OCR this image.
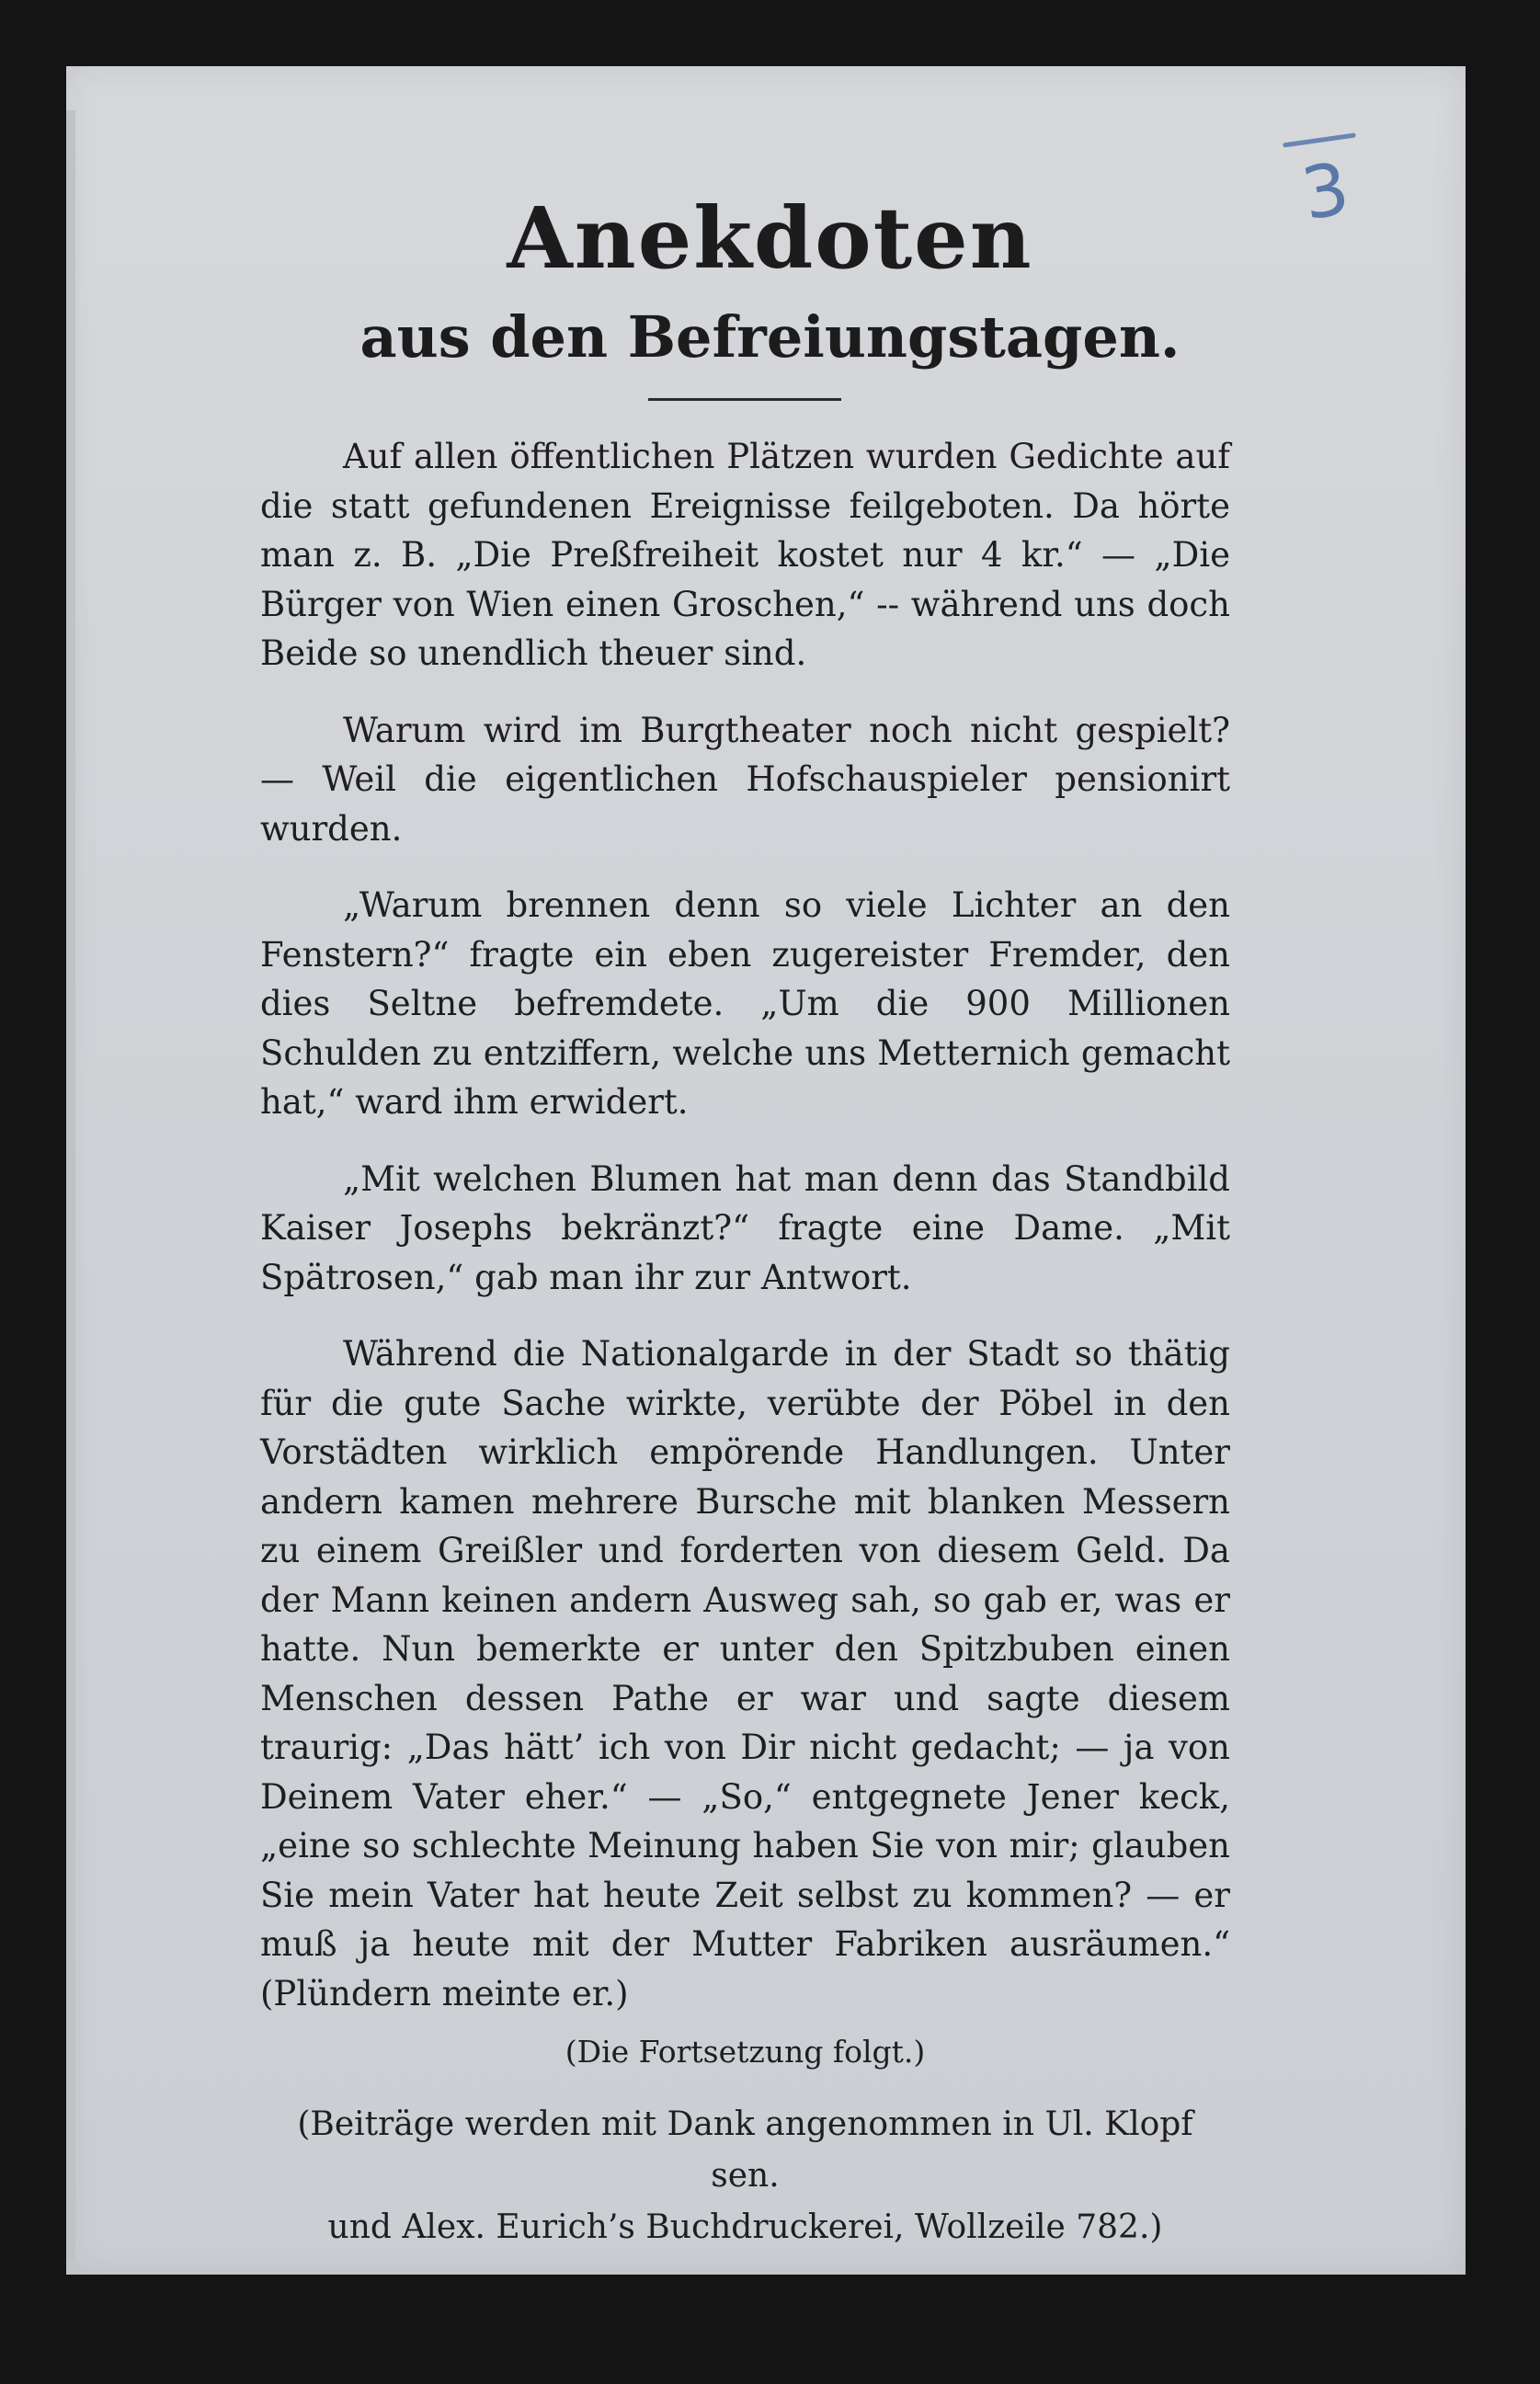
3
Anekdoten
aus den Befreiungstagen.

Auf allen öffentlichen Plätzen wurden Gedichte auf die statt gefundenen Ereignisse feilgeboten. Da hörte man z. B. „Die Preßfreiheit kostet nur 4 kr.“ — „Die Bürger von Wien einen Groschen,“ -- während uns doch Beide so unendlich theuer sind.

Warum wird im Burgtheater noch nicht gespielt? — Weil die eigentlichen Hofschauspieler pensionirt wurden.

„Warum brennen denn so viele Lichter an den Fenstern?“ fragte ein eben zugereister Fremder, den dies Seltne befremdete. „Um die 900 Millionen Schulden zu entziffern, welche uns Metternich gemacht hat,“ ward ihm erwidert.

„Mit welchen Blumen hat man denn das Standbild Kaiser Josephs bekränzt?“ fragte eine Dame. „Mit Spätrosen,“ gab man ihr zur Antwort.

Während die Nationalgarde in der Stadt so thätig für die gute Sache wirkte, verübte der Pöbel in den Vorstädten wirklich empörende Handlungen. Unter andern kamen mehrere Bursche mit blanken Messern zu einem Greißler und forderten von diesem Geld. Da der Mann keinen andern Ausweg sah, so gab er, was er hatte. Nun bemerkte er unter den Spitzbuben einen Menschen dessen Pathe er war und sagte diesem traurig: „Das hätt’ ich von Dir nicht gedacht; — ja von Deinem Vater eher.“ — „So,“ entgegnete Jener keck, „eine so schlechte Meinung haben Sie von mir; glauben Sie mein Vater hat heute Zeit selbst zu kommen? — er muß ja heute mit der Mutter Fabriken ausräumen.“ (Plündern meinte er.)

(Die Fortsetzung folgt.)
(Beiträge werden mit Dank angenommen in Ul. Klopf sen.
und Alex. Eurich’s Buchdruckerei, Wollzeile 782.)
